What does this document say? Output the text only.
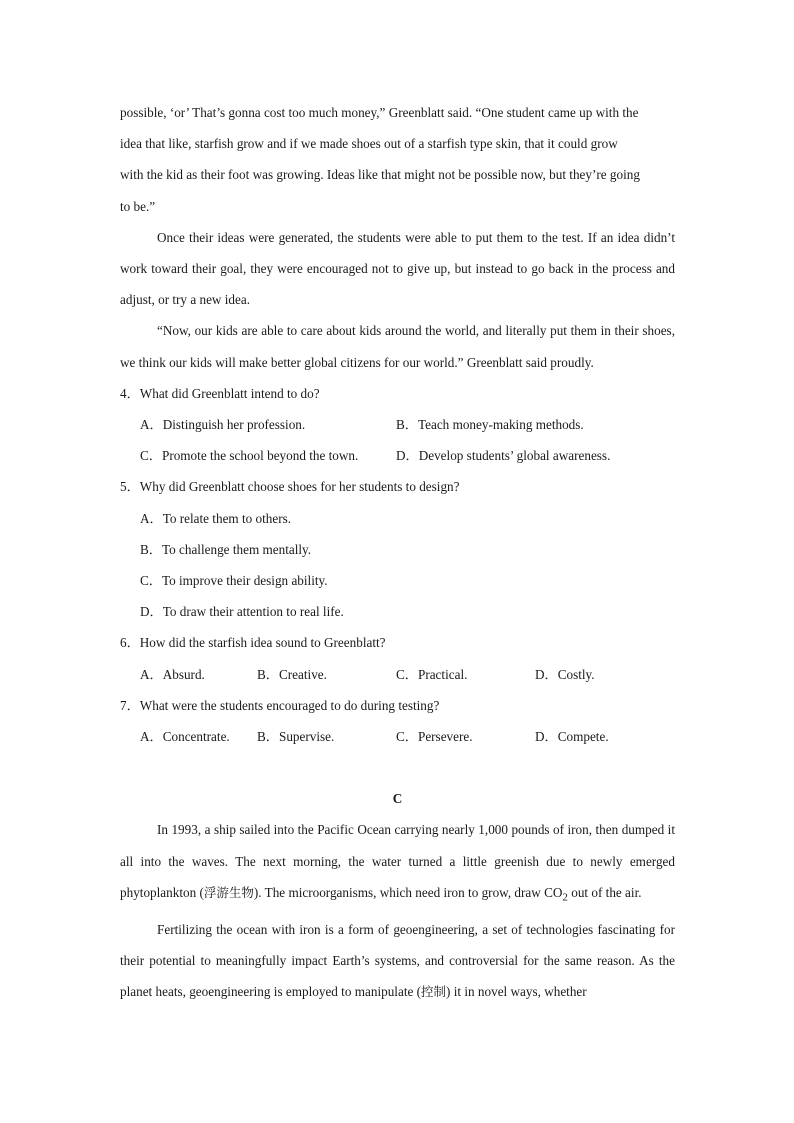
possible, ‘or’ That’s gonna cost too much money,” Greenblatt said. “One student came up with the
idea that like, starfish grow and if we made shoes out of a starfish type skin, that it could grow
with the kid as their foot was growing. Ideas like that might not be possible now, but they’re going
to be.”

Once their ideas were generated, the students were able to put them to the test. If an idea didn’t work toward their goal, they were encouraged not to give up, but instead to go back in the process and adjust, or try a new idea.

“Now, our kids are able to care about kids around the world, and literally put them in their shoes, we think our kids will make better global citizens for our world.” Greenblatt said proudly.

4．What did Greenblatt intend to do?

A．Distinguish her profession.	B．Teach money-making methods.
C．Promote the school beyond the town.	D．Develop students’ global awareness.

5．Why did Greenblatt choose shoes for her students to design?

A．To relate them to others.
B．To challenge them mentally.
C．To improve their design ability.
D．To draw their attention to real life.

6．How did the starfish idea sound to Greenblatt?

A．Absurd.	B．Creative.	C．Practical.	D．Costly.

7．What were the students encouraged to do during testing?

A．Concentrate. B．Supervise.	C．Persevere.	D．Compete.
C

In 1993, a ship sailed into the Pacific Ocean carrying nearly 1,000 pounds of iron, then dumped it all into the waves. The next morning, the water turned a little greenish due to newly emerged phytoplankton (浮游生物). The microorganisms, which need iron to grow, draw $CO_2$ out of the air.

Fertilizing the ocean with iron is a form of geoengineering, a set of technologies fascinating for their potential to meaningfully impact Earth’s systems, and controversial for the same reason. As the planet heats, geoengineering is employed to manipulate (控制) it in novel ways, whether
